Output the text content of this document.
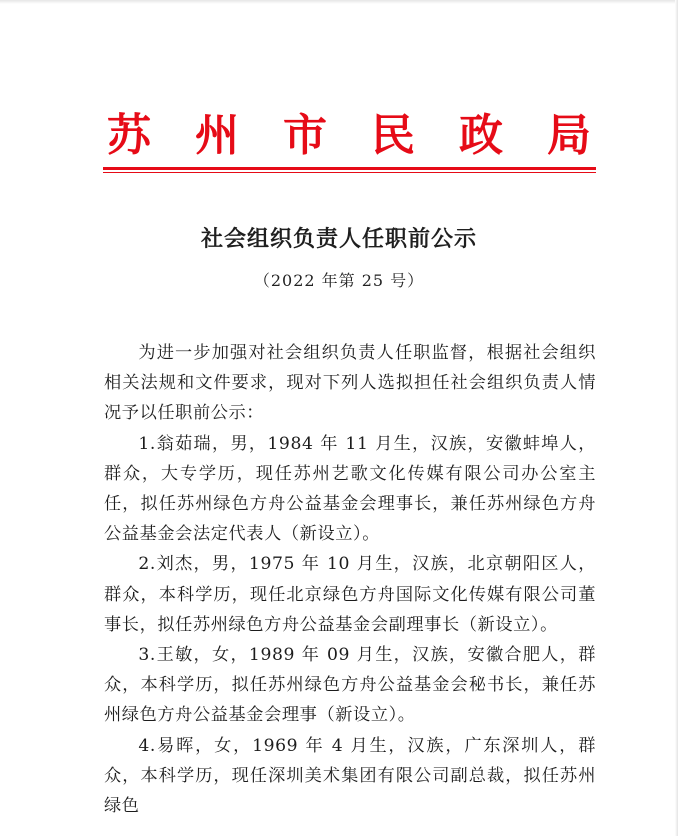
苏 州 市 民 政 局
社会组织负责人任职前公示
（2022 年第 25 号）

为进一步加强对社会组织负责人任职监督，根据社会组织相关法规和文件要求，现对下列人选拟担任社会组织负责人情况予以任职前公示：

1.翁茹瑞，男，1984 年 11 月生，汉族，安徽蚌埠人，群众，大专学历，现任苏州艺歌文化传媒有限公司办公室主任，拟任苏州绿色方舟公益基金会理事长，兼任苏州绿色方舟公益基金会法定代表人（新设立）。

2.刘杰，男，1975 年 10 月生，汉族，北京朝阳区人，群众，本科学历，现任北京绿色方舟国际文化传媒有限公司董事长，拟任苏州绿色方舟公益基金会副理事长（新设立）。

3.王敏，女，1989 年 09 月生，汉族，安徽合肥人，群众，本科学历，拟任苏州绿色方舟公益基金会秘书长，兼任苏州绿色方舟公益基金会理事（新设立）。

4.易晖，女，1969 年 4 月生，汉族，广东深圳人，群众，本科学历，现任深圳美术集团有限公司副总裁，拟任苏州绿色
